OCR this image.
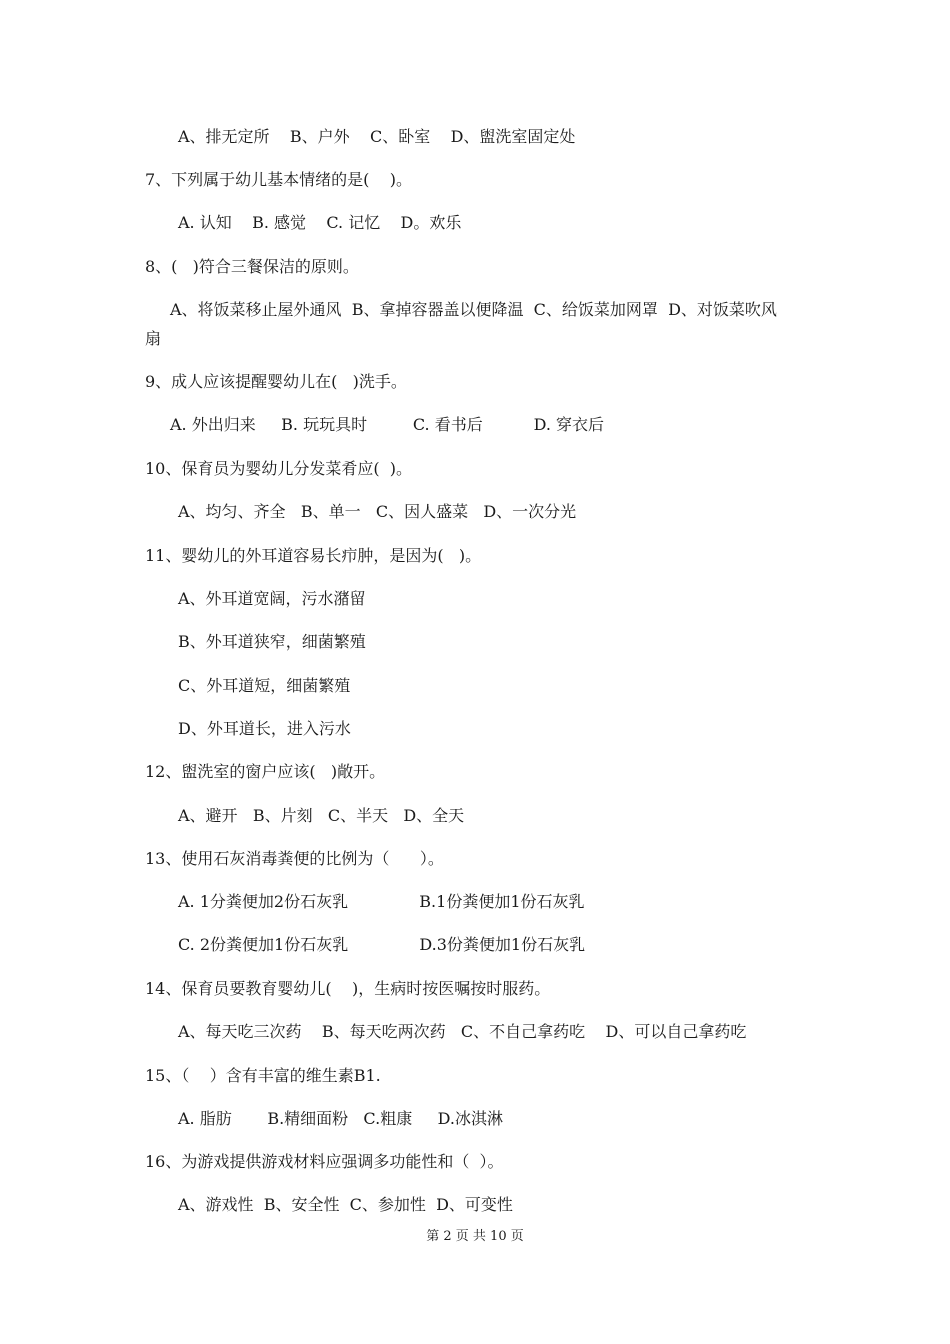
A、排无定所    B、户外    C、卧室    D、盥洗室固定处
7、下列属于幼儿基本情绪的是(    )。
A. 认知    B. 感觉    C. 记忆    D。欢乐
8、(   )符合三餐保洁的原则。
A、将饭菜移止屋外通风  B、拿掉容器盖以便降温  C、给饭菜加网罩  D、对饭菜吹风
扇
9、成人应该提醒婴幼儿在(   )洗手。
A. 外出归来     B. 玩玩具时         C. 看书后          D. 穿衣后
10、保育员为婴幼儿分发菜肴应(  )。
A、均匀、齐全   B、单一   C、因人盛菜   D、一次分光
11、婴幼儿的外耳道容易长疖肿，是因为(   )。
A、外耳道宽阔，污水潴留
B、外耳道狭窄，细菌繁殖
C、外耳道短，细菌繁殖
D、外耳道长，进入污水
12、盥洗室的窗户应该(   )敞开。
A、避开   B、片刻   C、半天   D、全天
13、使用石灰消毒粪便的比例为（      ）。
A. 1分粪便加2份石灰乳              B.1份粪便加1份石灰乳
C. 2份粪便加1份石灰乳              D.3份粪便加1份石灰乳
14、保育员要教育婴幼儿(    )，生病时按医嘱按时服药。
A、每天吃三次药    B、每天吃两次药   C、不自己拿药吃    D、可以自己拿药吃
15、（    ）含有丰富的维生素B1.
A. 脂肪       B.精细面粉   C.粗康     D.冰淇淋
16、为游戏提供游戏材料应强调多功能性和（  ）。
A、游戏性  B、安全性  C、参加性  D、可变性
第 2 页 共 10 页
